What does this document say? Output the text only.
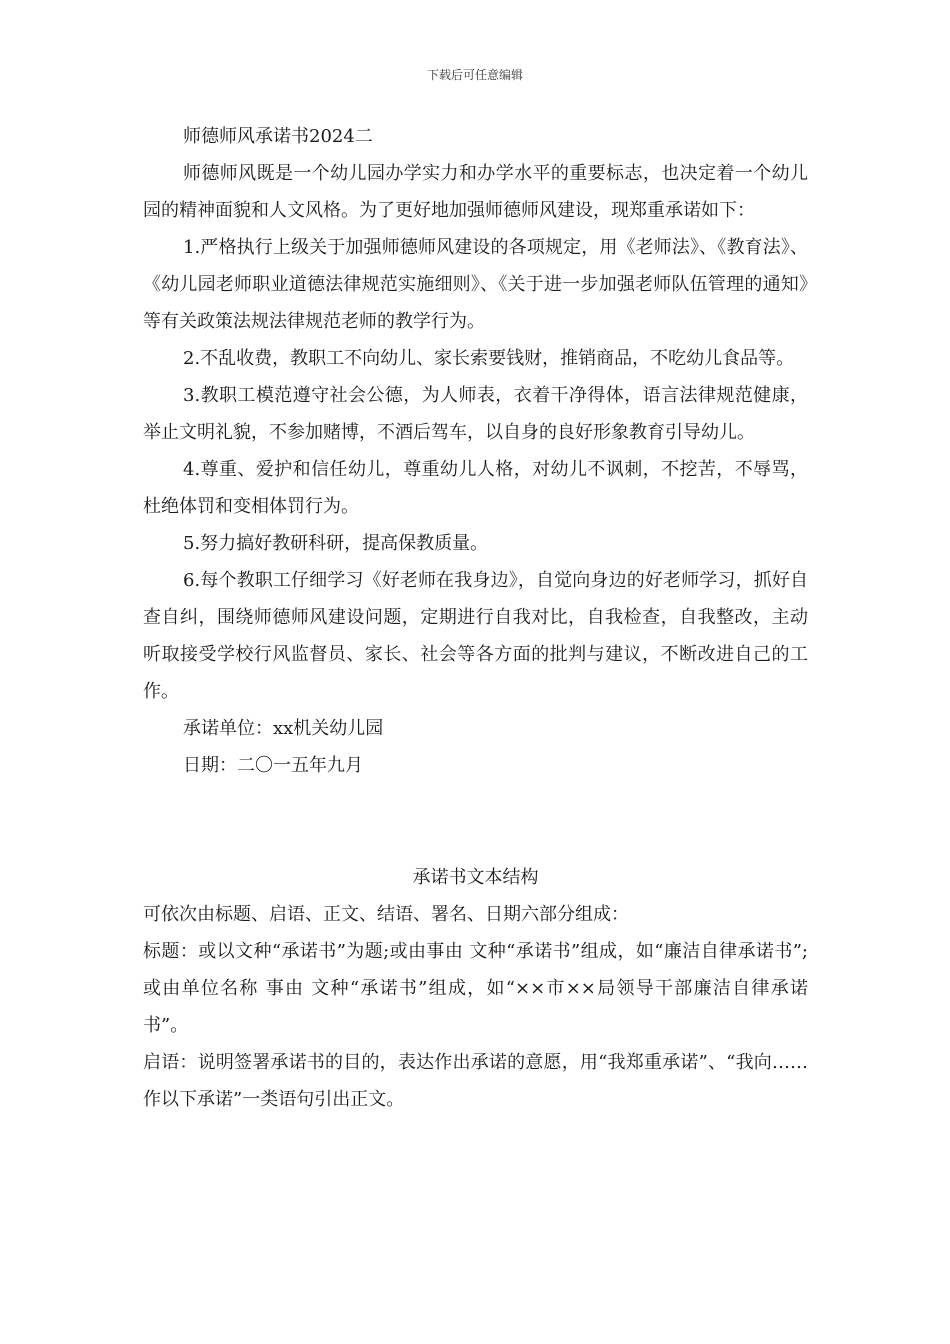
下载后可任意编辑

师德师风承诺书2024二

师德师风既是一个幼儿园办学实力和办学水平的重要标志，也决定着一个幼儿园的精神面貌和人文风格。为了更好地加强师德师风建设，现郑重承诺如下：

1.严格执行上级关于加强师德师风建设的各项规定，用《老师法》、《教育法》、《幼儿园老师职业道德法律规范实施细则》、《关于进一步加强老师队伍管理的通知》等有关政策法规法律规范老师的教学行为。

2.不乱收费，教职工不向幼儿、家长索要钱财，推销商品，不吃幼儿食品等。

3.教职工模范遵守社会公德，为人师表，衣着干净得体，语言法律规范健康，举止文明礼貌，不参加赌博，不酒后驾车，以自身的良好形象教育引导幼儿。

4.尊重、爱护和信任幼儿，尊重幼儿人格，对幼儿不讽刺，不挖苦，不辱骂，杜绝体罚和变相体罚行为。

5.努力搞好教研科研，提高保教质量。

6.每个教职工仔细学习《好老师在我身边》，自觉向身边的好老师学习，抓好自查自纠，围绕师德师风建设问题，定期进行自我对比，自我检查，自我整改，主动听取接受学校行风监督员、家长、社会等各方面的批判与建议，不断改进自己的工作。

承诺单位：xx机关幼儿园

日期：二〇一五年九月

承诺书文本结构

可依次由标题、启语、正文、结语、署名、日期六部分组成：

标题：或以文种“承诺书”为题;或由事由 文种“承诺书”组成，如“廉洁自律承诺书”;或由单位名称 事由 文种“承诺书”组成，如“××市××局领导干部廉洁自律承诺书”。

启语：说明签署承诺书的目的，表达作出承诺的意愿，用“我郑重承诺”、“我向……作以下承诺”一类语句引出正文。
